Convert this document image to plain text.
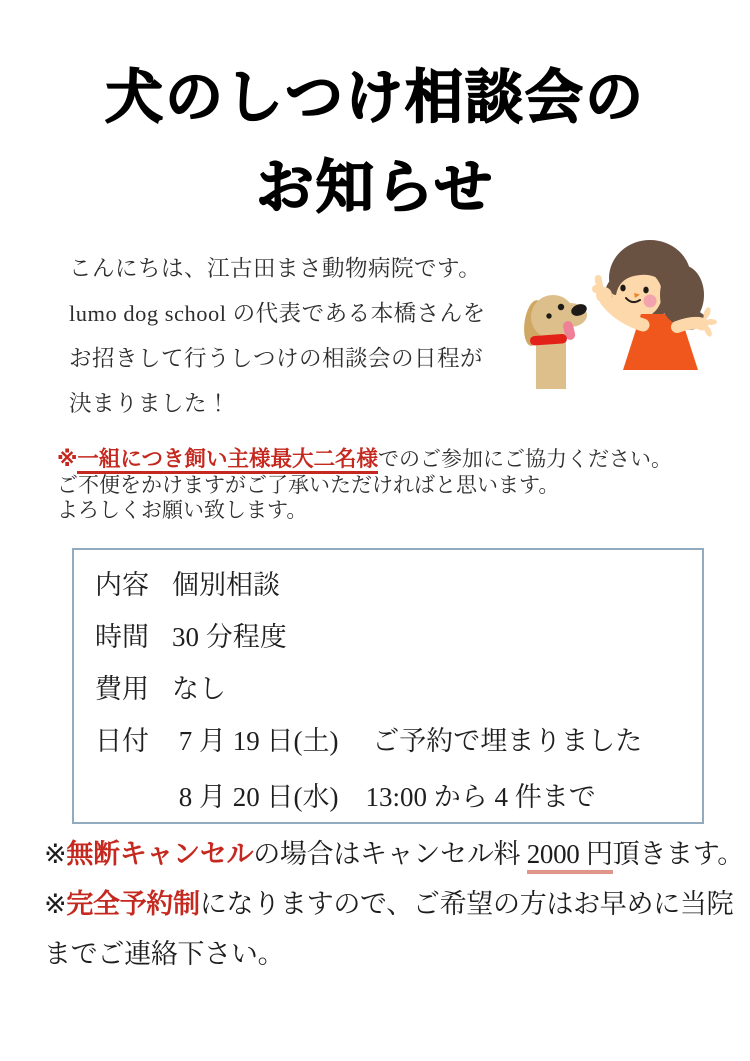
犬のしつけ相談会の
お知らせ

こんにちは、江古田まさ動物病院です。

lumo dog school の代表である本橋さんを

お招きして行うしつけの相談会の日程が

決まりました！

※一組につき飼い主様最大二名様でのご参加にご協力ください。

ご不便をかけますがご了承いただければと思います。

よろしくお願い致します。

内容 個別相談
時間 30 分程度
費用 なし
日付 7 月 19 日(土)　 ご予約で埋まりました
8 月 20 日(水)　13:00 から 4 件まで

※無断キャンセルの場合はキャンセル料 2000 円頂きます。

※完全予約制になりますので、ご希望の方はお早めに当院

までご連絡下さい。
